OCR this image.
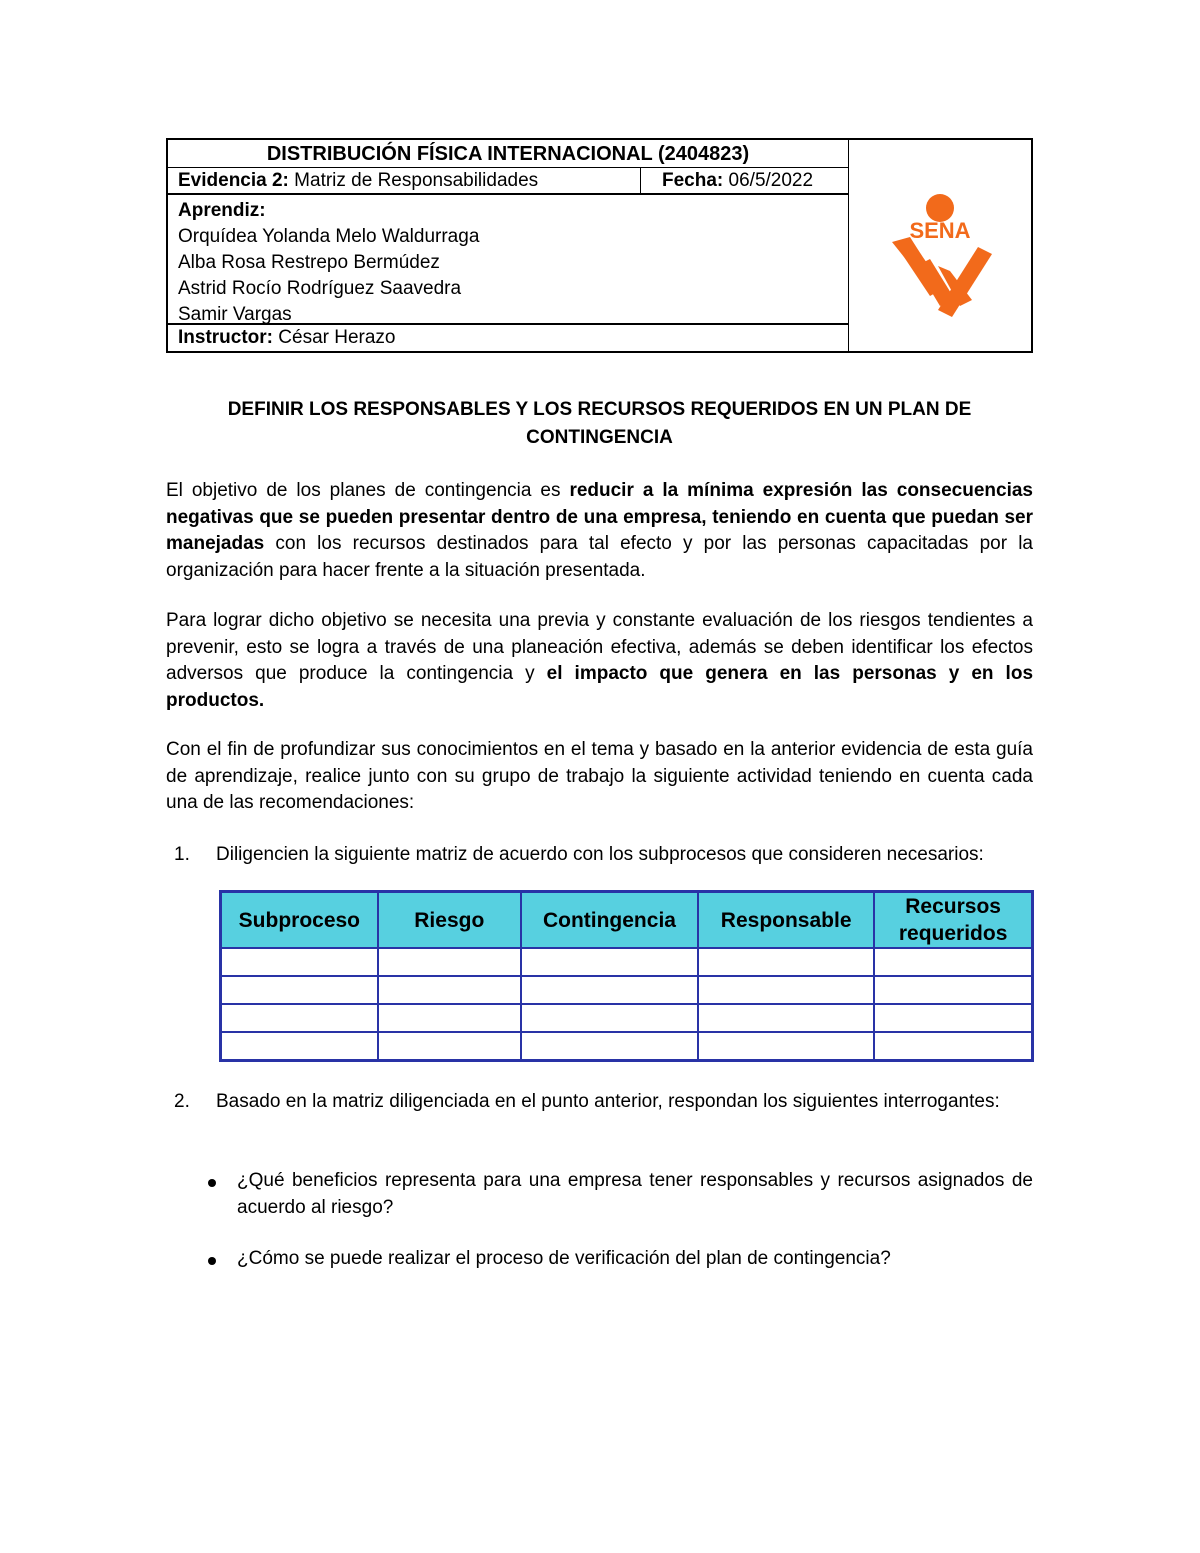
DISTRIBUCIÓN FÍSICA INTERNACIONAL (2404823)
Evidencia 2: Matriz de Responsabilidades	Fecha: 06/5/2022
Aprendiz:
Orquídea Yolanda Melo Waldurraga
Alba Rosa Restrepo Bermúdez
Astrid Rocío Rodríguez Saavedra
Samir Vargas
Instructor: César Herazo
SENA
DEFINIR LOS RESPONSABLES Y LOS RECURSOS REQUERIDOS EN UN PLAN DE
CONTINGENCIA

El objetivo de los planes de contingencia es reducir a la mínima expresión las consecuencias negativas que se pueden presentar dentro de una empresa, teniendo en cuenta que puedan ser manejadas con los recursos destinados para tal efecto y por las personas capacitadas por la organización para hacer frente a la situación presentada.

Para lograr dicho objetivo se necesita una previa y constante evaluación de los riesgos tendientes a prevenir, esto se logra a través de una planeación efectiva, además se deben identificar los efectos adversos que produce la contingencia y el impacto que genera en las personas y en los productos.

Con el fin de profundizar sus conocimientos en el tema y basado en la anterior evidencia de esta guía de aprendizaje, realice junto con su grupo de trabajo la siguiente actividad teniendo en cuenta cada una de las recomendaciones:

1. Diligencien la siguiente matriz de acuerdo con los subprocesos que consideren necesarios:
Subproceso	Riesgo	Contingencia	Responsable	Recursos requeridos

2. Basado en la matriz diligenciada en el punto anterior, respondan los siguientes interrogantes:
¿Qué beneficios representa para una empresa tener responsables y recursos asignados de acuerdo al riesgo?
¿Cómo se puede realizar el proceso de verificación del plan de contingencia?
